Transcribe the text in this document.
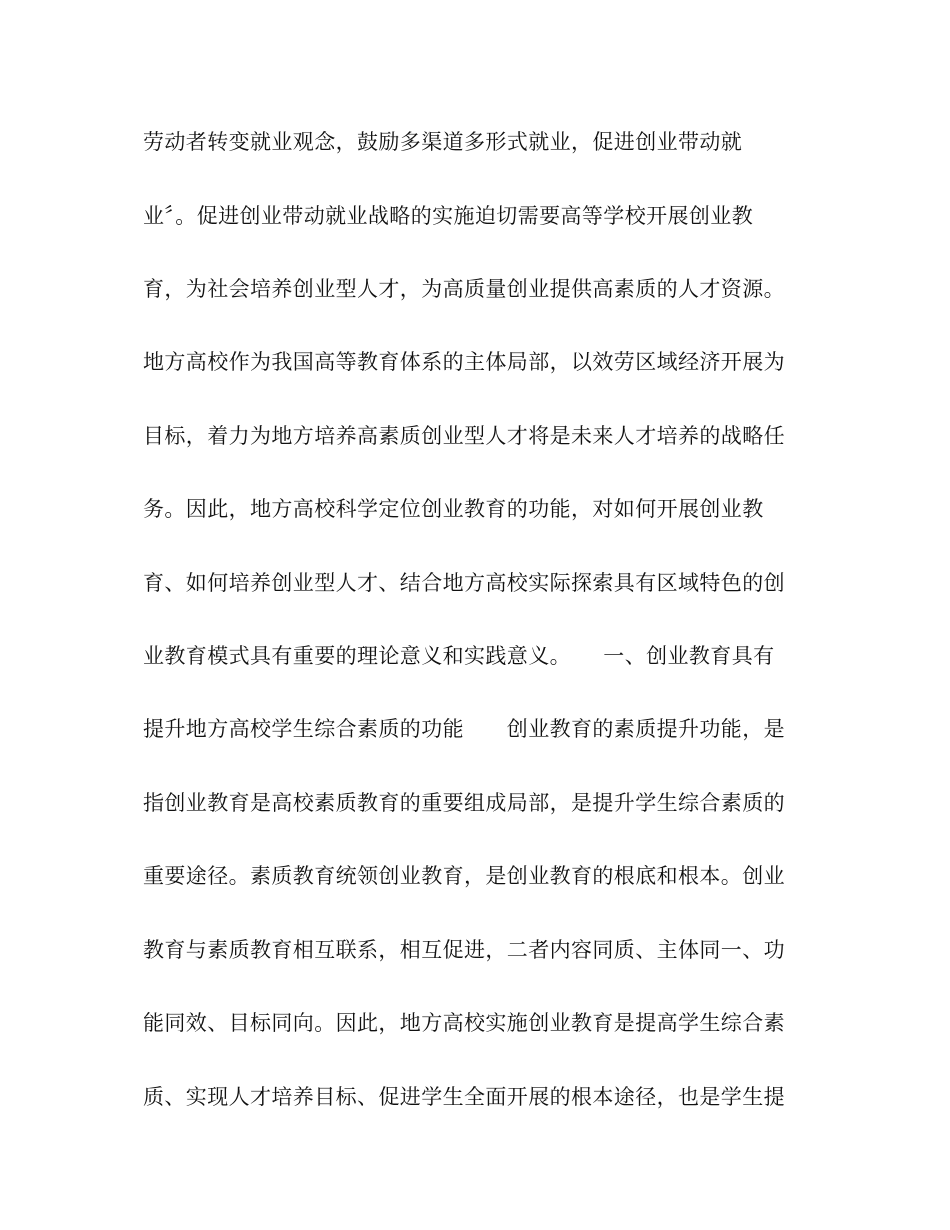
劳动者转变就业观念，鼓励多渠道多形式就业，促进创业带动就
业〞。促进创业带动就业战略的实施迫切需要高等学校开展创业教
育，为社会培养创业型人才，为高质量创业提供高素质的人才资源。
地方高校作为我国高等教育体系的主体局部，以效劳区域经济开展为
目标，着力为地方培养高素质创业型人才将是未来人才培养的战略任
务。因此，地方高校科学定位创业教育的功能，对如何开展创业教
育、如何培养创业型人才、结合地方高校实际探索具有区域特色的创
业教育模式具有重要的理论意义和实践意义。　　一、创业教育具有
提升地方高校学生综合素质的功能　　创业教育的素质提升功能，是
指创业教育是高校素质教育的重要组成局部，是提升学生综合素质的
重要途径。素质教育统领创业教育，是创业教育的根底和根本。创业
教育与素质教育相互联系，相互促进，二者内容同质、主体同一、功
能同效、目标同向。因此，地方高校实施创业教育是提高学生综合素
质、实现人才培养目标、促进学生全面开展的根本途径，也是学生提
